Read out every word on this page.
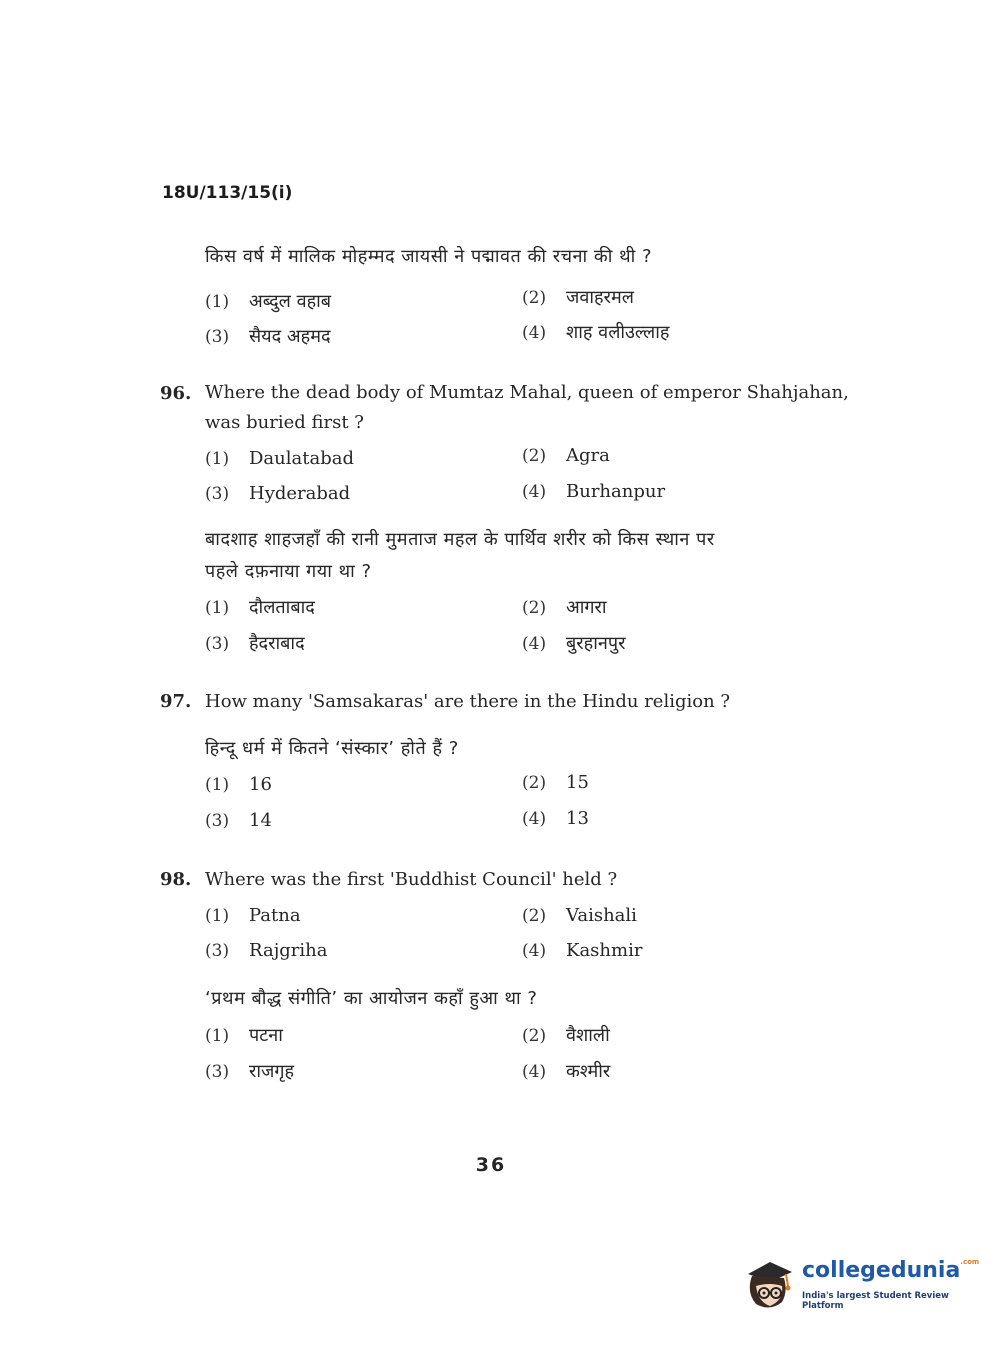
18U/113/15(i)
किस वर्ष में मालिक मोहम्मद जायसी ने पद्मावत की रचना की थी ?
(1) अब्दुल वहाब	(2) जवाहरमल
(3) सैयद अहमद	(4) शाह वलीउल्लाह
96. Where the dead body of Mumtaz Mahal, queen of emperor Shahjahan,
was buried first ?
(1) Daulatabad	(2) Agra
(3) Hyderabad	(4) Burhanpur
बादशाह शाहजहाँ की रानी मुमताज महल के पार्थिव शरीर को किस स्थान पर
पहले दफ़नाया गया था ?
(1) दौलताबाद	(2) आगरा
(3) हैदराबाद	(4) बुरहानपुर
97. How many 'Samsakaras' are there in the Hindu religion ?
हिन्दू धर्म में कितने ‘संस्कार’ होते हैं ?
(1) 16	(2) 15
(3) 14	(4) 13
98. Where was the first 'Buddhist Council' held ?
(1) Patna	(2) Vaishali
(3) Rajgriha	(4) Kashmir
‘प्रथम बौद्ध संगीति’ का आयोजन कहाँ हुआ था ?
(1) पटना	(2) वैशाली
(3) राजगृह	(4) कश्मीर
36
collegedunia$^{.com}$
India's largest Student Review Platform
